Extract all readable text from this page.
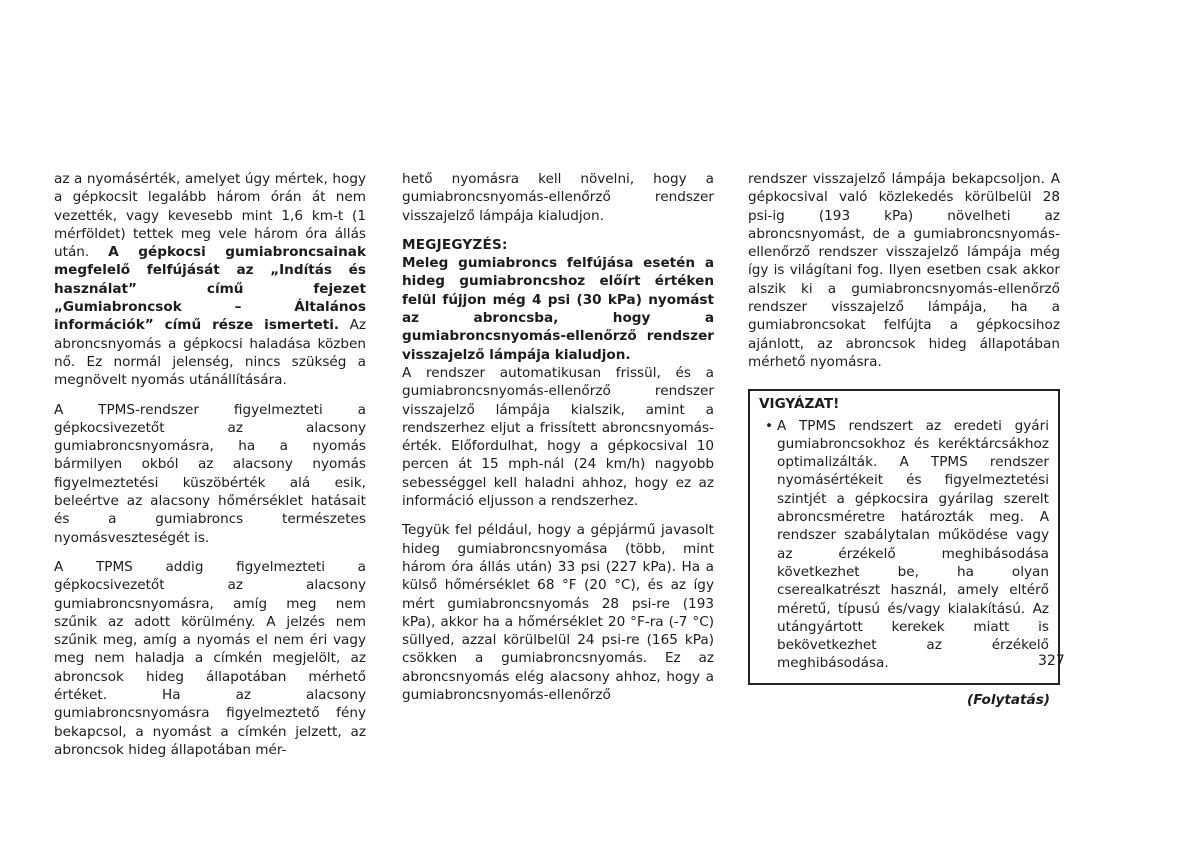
az a nyomásérték, amelyet úgy mértek, hogy a gépkocsit legalább három órán át nem vezették, vagy kevesebb mint 1,6 km-t (1 mérföldet) tettek meg vele három óra állás után. A gépkocsi gumiabroncsainak megfelelő felfújását az „Indítás és használat” című fejezet „Gumiabroncsok – Általános információk” című része ismerteti. Az abroncsnyomás a gépkocsi haladása közben nő. Ez normál jelenség, nincs szükség a megnövelt nyomás utánállítására.

A TPMS-rendszer figyelmezteti a gépkocsivezetőt az alacsony gumiabroncsnyomásra, ha a nyomás bármilyen okból az alacsony nyomás figyelmeztetési küszöbérték alá esik, beleértve az alacsony hőmérséklet hatásait és a gumiabroncs természetes nyomásveszteségét is.

A TPMS addig figyelmezteti a gépkocsivezetőt az alacsony gumiabroncsnyomásra, amíg meg nem szűnik az adott körülmény. A jelzés nem szűnik meg, amíg a nyomás el nem éri vagy meg nem haladja a címkén megjelölt, az abroncsok hideg állapotában mérhető értéket. Ha az alacsony gumiabroncsnyomásra figyelmeztető fény bekapcsol, a nyomást a címkén jelzett, az abroncsok hideg állapotában mér-

hető nyomásra kell növelni, hogy a gumiabroncsnyomás-ellenőrző rendszer visszajelző lámpája kialudjon.

MEGJEGYZÉS:

Meleg gumiabroncs felfújása esetén a hideg gumiabroncshoz előírt értéken felül fújjon még 4 psi (30 kPa) nyomást az abroncsba, hogy a gumiabroncsnyomás-ellenőrző rendszer visszajelző lámpája kialudjon.

A rendszer automatikusan frissül, és a gumiabroncsnyomás-ellenőrző rendszer visszajelző lámpája kialszik, amint a rendszerhez eljut a frissített abroncsnyomás-érték. Előfordulhat, hogy a gépkocsival 10 percen át 15 mph-nál (24 km/h) nagyobb sebességgel kell haladni ahhoz, hogy ez az információ eljusson a rendszerhez.

Tegyük fel például, hogy a gépjármű javasolt hideg gumiabroncsnyomása (több, mint három óra állás után) 33 psi (227 kPa). Ha a külső hőmérséklet 68 °F (20 °C), és az így mért gumiabroncsnyomás 28 psi-re (193 kPa), akkor ha a hőmérséklet 20 °F-ra (-7 °C) süllyed, azzal körülbelül 24 psi-re (165 kPa) csökken a gumiabroncsnyomás. Ez az abroncsnyomás elég alacsony ahhoz, hogy a gumiabroncsnyomás-ellenőrző

rendszer visszajelző lámpája bekapcsoljon. A gépkocsival való közlekedés körülbelül 28 psi-ig (193 kPa) növelheti az abroncsnyomást, de a gumiabroncsnyomás-ellenőrző rendszer visszajelző lámpája még így is világítani fog. Ilyen esetben csak akkor alszik ki a gumiabroncsnyomás-ellenőrző rendszer visszajelző lámpája, ha a gumiabroncsokat felfújta a gépkocsihoz ajánlott, az abroncsok hideg állapotában mérhető nyomásra.

VIGYÁZAT!

• A TPMS rendszert az eredeti gyári gumiabroncsokhoz és keréktárcsákhoz optimalizálták. A TPMS rendszer nyomásértékeit és figyelmeztetési szintjét a gépkocsira gyárilag szerelt abroncsméretre határozták meg. A rendszer szabálytalan működése vagy az érzékelő meghibásodása következhet be, ha olyan cserealkatrészt használ, amely eltérő méretű, típusú és/vagy kialakítású. Az utángyártott kerekek miatt is bekövetkezhet az érzékelő meghibásodása.
(Folytatás)
327
